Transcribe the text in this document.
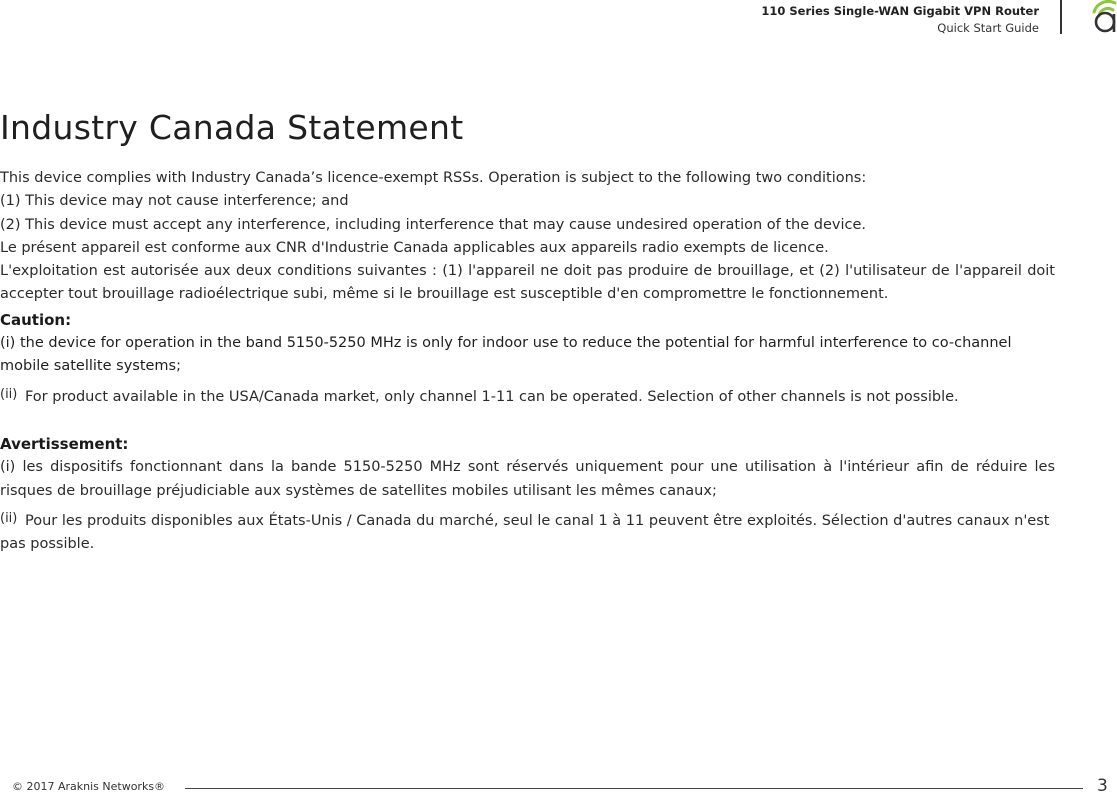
110 Series Single-WAN Gigabit VPN Router
Quick Start Guide
Industry Canada Statement

This device complies with Industry Canada’s licence-exempt RSSs. Operation is subject to the following two conditions:

(1) This device may not cause interference; and

(2) This device must accept any interference, including interference that may cause undesired operation of the device.

Le présent appareil est conforme aux CNR d'Industrie Canada applicables aux appareils radio exempts de licence.

L'exploitation est autorisée aux deux conditions suivantes : (1) l'appareil ne doit pas produire de brouillage, et (2) l'utilisateur de l'appareil doit accepter tout brouillage radioélectrique subi, même si le brouillage est susceptible d'en compromettre le fonctionnement.

Caution:

(i) the device for operation in the band 5150-5250 MHz is only for indoor use to reduce the potential for harmful interference to co-channel mobile satellite systems;

(ii) For product available in the USA/Canada market, only channel 1-11 can be operated. Selection of other channels is not possible.

Avertissement:

(i) les dispositifs fonctionnant dans la bande 5150-5250 MHz sont réservés uniquement pour une utilisation à l'intérieur afin de réduire les risques de brouillage préjudiciable aux systèmes de satellites mobiles utilisant les mêmes canaux;

(ii) Pour les produits disponibles aux États-Unis / Canada du marché, seul le canal 1 à 11 peuvent être exploités. Sélection d'autres canaux n'est pas possible.

© 2017 Araknis Networks®	3
